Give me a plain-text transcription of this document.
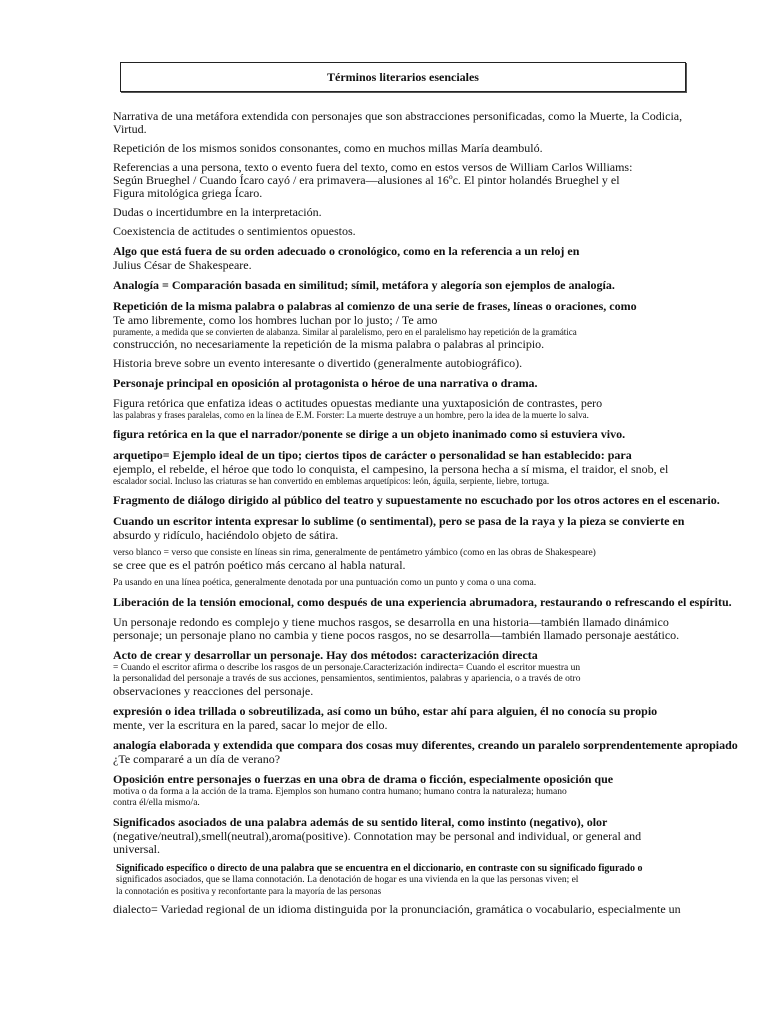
Términos literarios esenciales
Narrativa de una metáfora extendida con personajes que son abstracciones personificadas, como la Muerte, la Codicia,
Virtud.
Repetición de los mismos sonidos consonantes, como en muchos millas María deambuló.
Referencias a una persona, texto o evento fuera del texto, como en estos versos de William Carlos Williams:
Según Brueghel / Cuando Ícaro cayó / era primavera—alusiones al 16ºc. El pintor holandés Brueghel y el
Figura mitológica griega Ícaro.
Dudas o incertidumbre en la interpretación.
Coexistencia de actitudes o sentimientos opuestos.
Algo que está fuera de su orden adecuado o cronológico, como en la referencia a un reloj en
Julius César de Shakespeare.
Analogía = Comparación basada en similitud; símil, metáfora y alegoría son ejemplos de analogía.
Repetición de la misma palabra o palabras al comienzo de una serie de frases, líneas o oraciones, como
Te amo libremente, como los hombres luchan por lo justo; / Te amo
puramente, a medida que se convierten de alabanza. Similar al paralelismo, pero en el paralelismo hay repetición de la gramática
construcción, no necesariamente la repetición de la misma palabra o palabras al principio.
Historia breve sobre un evento interesante o divertido (generalmente autobiográfico).
Personaje principal en oposición al protagonista o héroe de una narrativa o drama.
Figura retórica que enfatiza ideas o actitudes opuestas mediante una yuxtaposición de contrastes, pero
las palabras y frases paralelas, como en la línea de E.M. Forster: La muerte destruye a un hombre, pero la idea de la muerte lo salva.
figura retórica en la que el narrador/ponente se dirige a un objeto inanimado como si estuviera vivo.
arquetipo= Ejemplo ideal de un tipo; ciertos tipos de carácter o personalidad se han establecido: para
ejemplo, el rebelde, el héroe que todo lo conquista, el campesino, la persona hecha a sí misma, el traidor, el snob, el
escalador social. Incluso las criaturas se han convertido en emblemas arquetípicos: león, águila, serpiente, liebre, tortuga.
Fragmento de diálogo dirigido al público del teatro y supuestamente no escuchado por los otros actores en el escenario.
Cuando un escritor intenta expresar lo sublime (o sentimental), pero se pasa de la raya y la pieza se convierte en
absurdo y ridículo, haciéndolo objeto de sátira.
verso blanco = verso que consiste en líneas sin rima, generalmente de pentámetro yámbico (como en las obras de Shakespeare)
se cree que es el patrón poético más cercano al habla natural.
Pa usando en una línea poética, generalmente denotada por una puntuación como un punto y coma o una coma.
Liberación de la tensión emocional, como después de una experiencia abrumadora, restaurando o refrescando el espíritu.
Un personaje redondo es complejo y tiene muchos rasgos, se desarrolla en una historia—también llamado dinámico
personaje; un personaje plano no cambia y tiene pocos rasgos, no se desarrolla—también llamado personaje aestático.
Acto de crear y desarrollar un personaje. Hay dos métodos: caracterización directa
= Cuando el escritor afirma o describe los rasgos de un personaje.Caracterización indirecta= Cuando el escritor muestra un
la personalidad del personaje a través de sus acciones, pensamientos, sentimientos, palabras y apariencia, o a través de otro
observaciones y reacciones del personaje.
expresión o idea trillada o sobreutilizada, así como un búho, estar ahí para alguien, él no conocía su propio
mente, ver la escritura en la pared, sacar lo mejor de ello.
analogía elaborada y extendida que compara dos cosas muy diferentes, creando un paralelo sorprendentemente apropiado
¿Te compararé a un día de verano?
Oposición entre personajes o fuerzas en una obra de drama o ficción, especialmente oposición que
motiva o da forma a la acción de la trama. Ejemplos son humano contra humano; humano contra la naturaleza; humano
contra él/ella mismo/a.
Significados asociados de una palabra además de su sentido literal, como instinto (negativo), olor
(negative/neutral),smell(neutral),aroma(positive). Connotation may be personal and individual, or general and
universal.
Significado específico o directo de una palabra que se encuentra en el diccionario, en contraste con su significado figurado o
significados asociados, que se llama connotación. La denotación de hogar es una vivienda en la que las personas viven; el
la connotación es positiva y reconfortante para la mayoría de las personas
dialecto= Variedad regional de un idioma distinguida por la pronunciación, gramática o vocabulario, especialmente un
